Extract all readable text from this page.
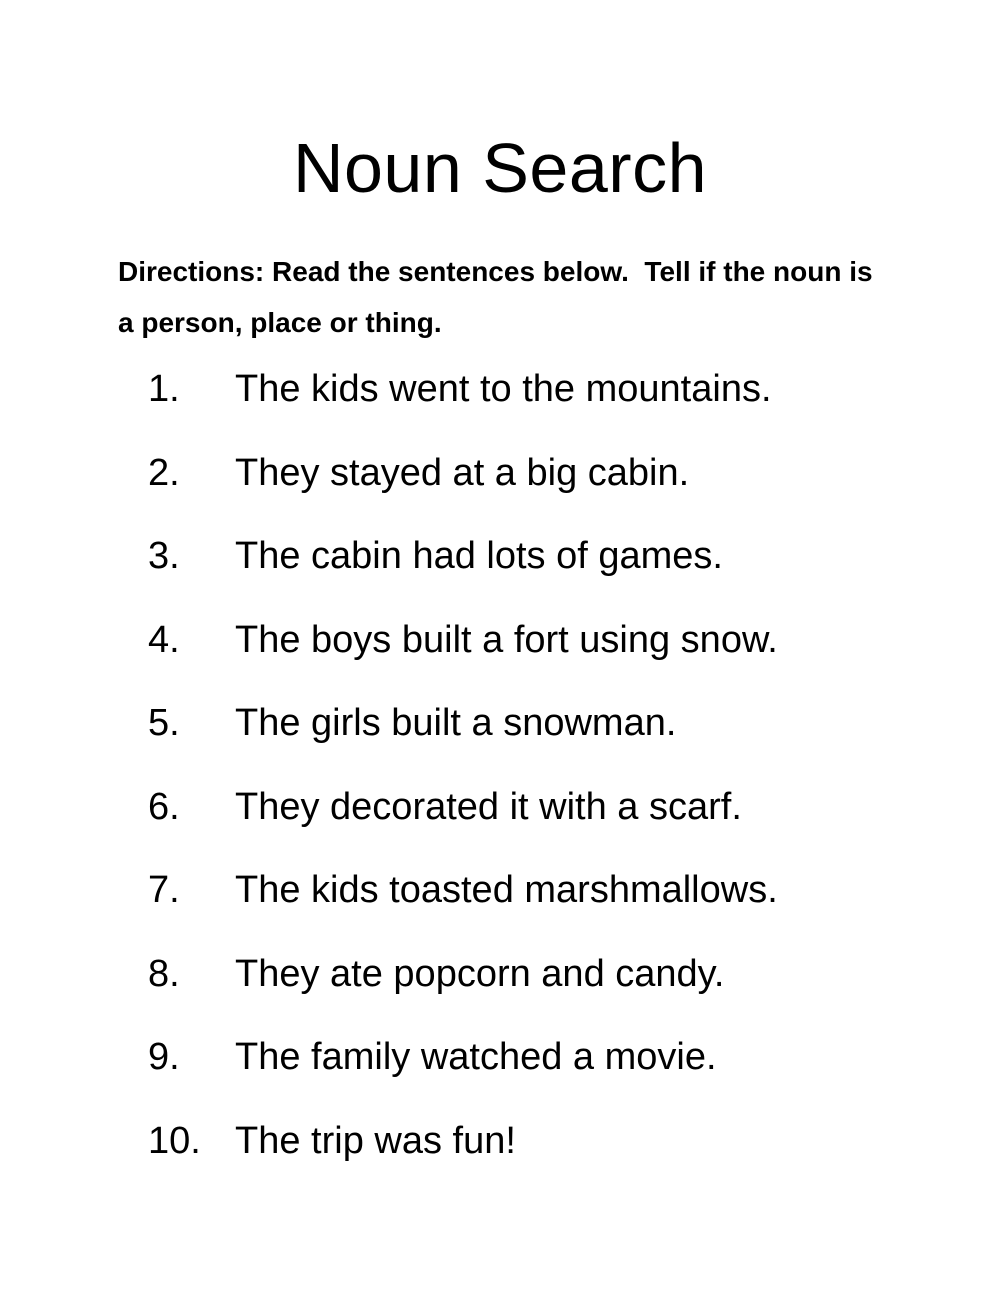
Noun Search

Directions: Read the sentences below.  Tell if the noun is a person, place or thing.

1. The kids went to the mountains.
2. They stayed at a big cabin.
3. The cabin had lots of games.
4. The boys built a fort using snow.
5. The girls built a snowman.
6. They decorated it with a scarf.
7. The kids toasted marshmallows.
8. They ate popcorn and candy.
9. The family watched a movie.
10. The trip was fun!
